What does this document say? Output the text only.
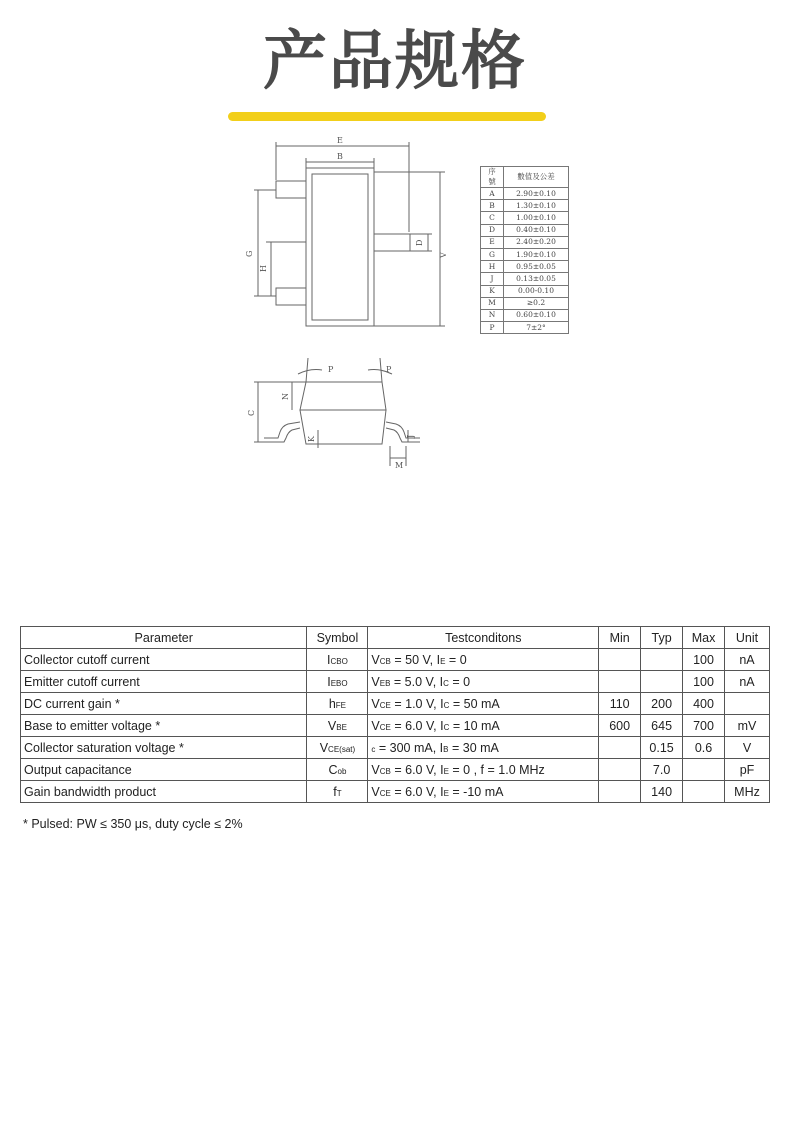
产品规格
E
B
G
H
V
D
P	P
N
C
K	J
M
序號	數值及公差
A	2.90±0.10
B	1.30±0.10
C	1.00±0.10
D	0.40±0.10
E	2.40±0.20
G	1.90±0.10
H	0.95±0.05
J	0.13±0.05
K	0.00-0.10
M	≥0.2
N	0.60±0.10
P	7±2°
Parameter	Symbol	Testconditons	Min	Typ	Max	Unit
Collector cutoff current	ICBO	VCB = 50 V, IE = 0			100	nA
Emitter cutoff current	IEBO	VEB = 5.0 V, IC = 0			100	nA
DC current gain *	hFE	VCE = 1.0 V, IC = 50 mA	110	200	400	
Base to emitter voltage *	VBE	VCE = 6.0 V, IC = 10 mA	600	645	700	mV
Collector saturation voltage *	VCE(sat)	c = 300 mA, IB = 30 mA		0.15	0.6	V
Output capacitance	Cob	VCB = 6.0 V, IE = 0 , f = 1.0 MHz		7.0		pF
Gain bandwidth product	fT	VCE = 6.0 V, IE = -10 mA		140		MHz
* Pulsed: PW ≤ 350 μs, duty cycle ≤ 2%
